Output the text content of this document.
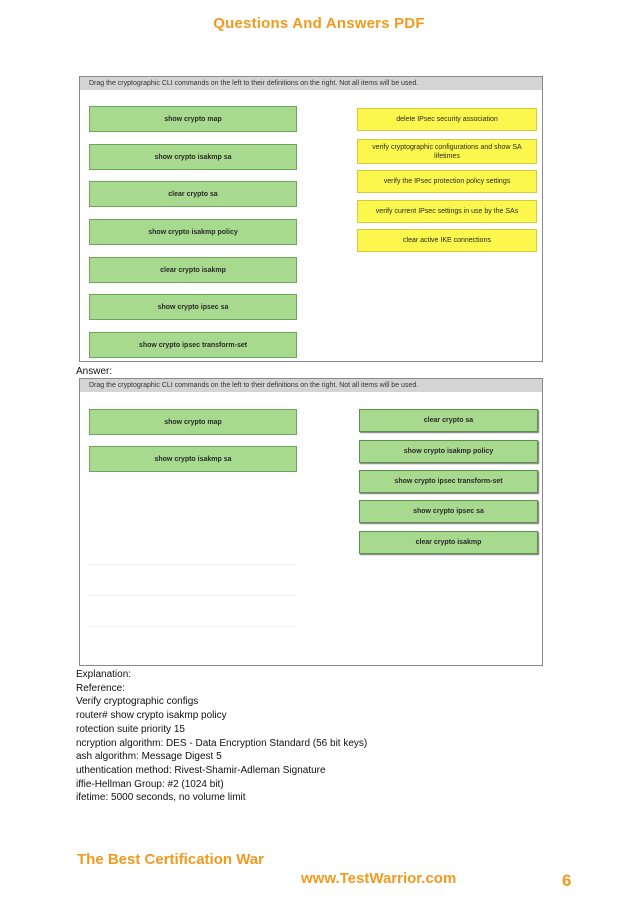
Questions And Answers PDF
Drag the cryptographic CLI commands on the left to their definitions on the right. Not all items will be used.
show crypto map
show crypto isakmp sa
clear crypto sa
show crypto isakmp policy
clear crypto isakmp
show crypto ipsec sa
show crypto ipsec transform-set
delete IPsec security association
verify cryptographic configurations and show SA lifetimes
verify the IPsec protection policy settings
verify current IPsec settings in use by the SAs
clear active IKE connections
Answer:
Drag the cryptographic CLI commands on the left to their definitions on the right. Not all items will be used.
show crypto map
show crypto isakmp sa
clear crypto sa
show crypto isakmp policy
show crypto ipsec transform-set
show crypto ipsec sa
clear crypto isakmp
Explanation:
Reference:
Verify cryptographic configs
router# show crypto isakmp policy
rotection suite priority 15
ncryption algorithm: DES - Data Encryption Standard (56 bit keys)
ash algorithm: Message Digest 5
uthentication method: Rivest-Shamir-Adleman Signature
iffie-Hellman Group: #2 (1024 bit)
ifetime: 5000 seconds, no volume limit
The Best Certification War
www.TestWarrior.com	6
